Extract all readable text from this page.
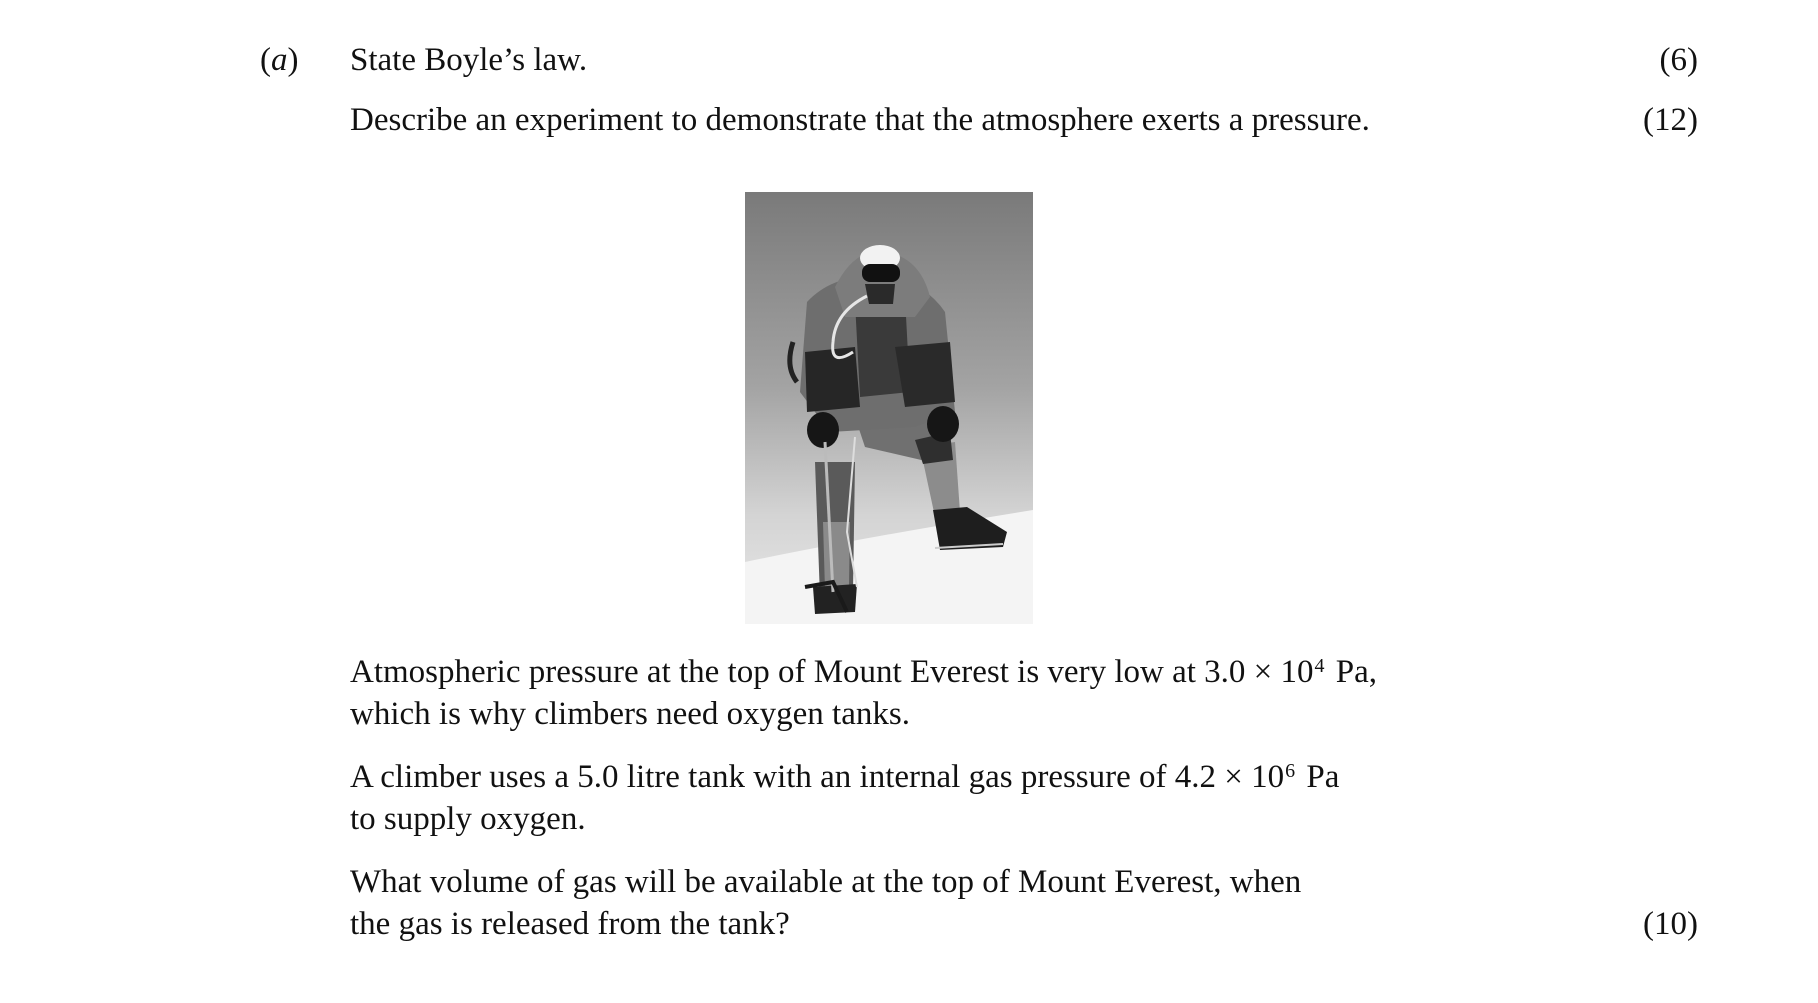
(a) State Boyle’s law.	(6)
Describe an experiment to demonstrate that the atmosphere exerts a pressure.	(12)
Atmospheric pressure at the top of Mount Everest is very low at $3.0 \times 10^4$ Pa,
which is why climbers need oxygen tanks.
A climber uses a 5.0 litre tank with an internal gas pressure of $4.2 \times 10^6$ Pa
to supply oxygen.
What volume of gas will be available at the top of Mount Everest, when
the gas is released from the tank?	(10)
